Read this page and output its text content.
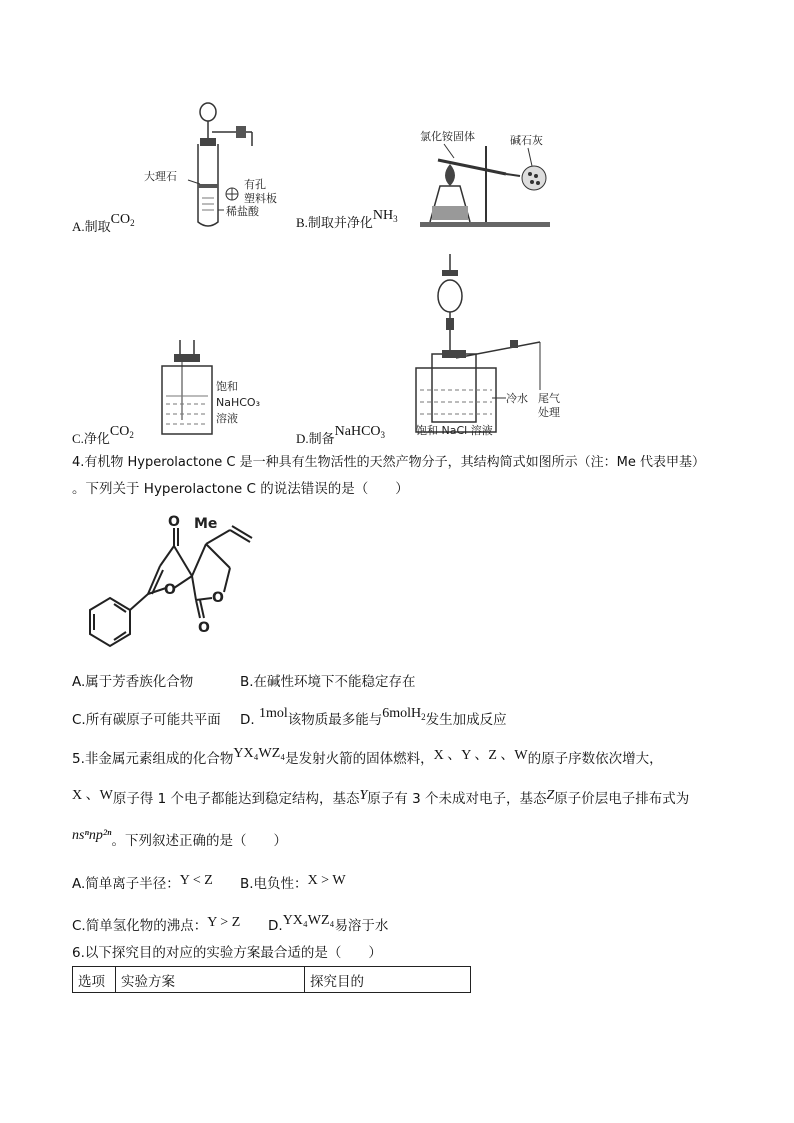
大理石
有孔
塑料板
稀盐酸
氯化铵固体	碱石灰
A.制取$CO_2$	B.制取并净化$NH_3$
饱和
NaHCO₃
溶液
冷水 尾气
处理
饱和 NaCl 溶液
C.净化$CO_2$	D.制备NaHCO$_3$
4.有机物 Hyperolactone C 是一种具有生物活性的天然产物分子，其结构简式如图所示（注：Me 代表甲基）
。下列关于 Hyperolactone C 的说法错误的是（　　）
O Me
O	O
O
A.属于芳香族化合物	B.在碱性环境下不能稳定存在
C.所有碳原子可能共平面 D. 1mol该物质最多能与6molH$_2$发生加成反应
5.非金属元素组成的化合物YX₄WZ₄是发射火箭的固体燃料，X 、Y 、Z 、W的原子序数依次增大，
X 、W原子得 1 个电子都能达到稳定结构，基态Y原子有 3 个未成对电子，基态Z原子价层电子排布式为
nsⁿnp²ⁿ。下列叙述正确的是（　　）
A.简单离子半径：Y < Z B.电负性：X > W
C.简单氢化物的沸点：Y > Z D.YX₄WZ₄易溶于水
6.以下探究目的对应的实验方案最合适的是（　　）
选项	实验方案	探究目的
